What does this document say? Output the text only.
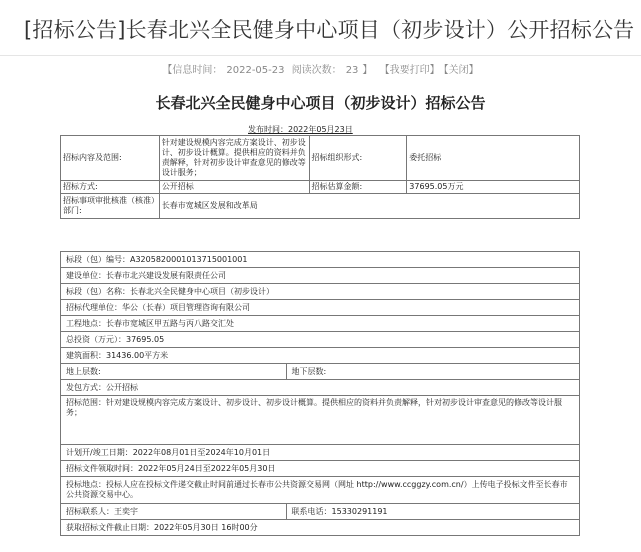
[招标公告]长春北兴全民健身中心项目（初步设计）公开招标公告
【信息时间： 2022-05-23 阅读次数： 23 】 【我要打印】 【关闭】
长春北兴全民健身中心项目（初步设计）招标公告
发布时间：2022年05月23日
招标内容及范围:	针对建设规模内容完成方案设计、初步设计、初步设计概算。提供相应的资料并负责解释，针对初步设计审查意见的修改等设计服务；	招标组织形式:	委托招标
招标方式:	公开招标	招标估算金额:	37695.05万元
招标事项审批核准（核准）部门:	长春市宽城区发展和改革局		
标段（包）编号：A3205820001013715001001	
建设单位：长春市北兴建设发展有限责任公司	
标段（包）名称：长春北兴全民健身中心项目（初步设计）	
招标代理单位：华公（长春）项目管理咨询有限公司	
工程地点：长春市宽城区甲五路与丙八路交汇处	
总投资（万元）：37695.05	
建筑面积：31436.00平方米	
地上层数:	地下层数:
发包方式：公开招标	
招标范围：针对建设规模内容完成方案设计、初步设计、初步设计概算。提供相应的资料并负责解释，针对初步设计审查意见的修改等设计服务；	
计划开/竣工日期：2022年08月01日至2024年10月01日	
招标文件领取时间：2022年05月24日至2022年05月30日	
投标地点：投标人应在投标文件递交截止时间前通过长春市公共资源交易网（网址 http://www.ccggzy.com.cn/）上传电子投标文件至长春市公共资源交易中心。	
招标联系人：王奕宇	联系电话：15330291191
获取招标文件截止日期：2022年05月30日 16时00分	
